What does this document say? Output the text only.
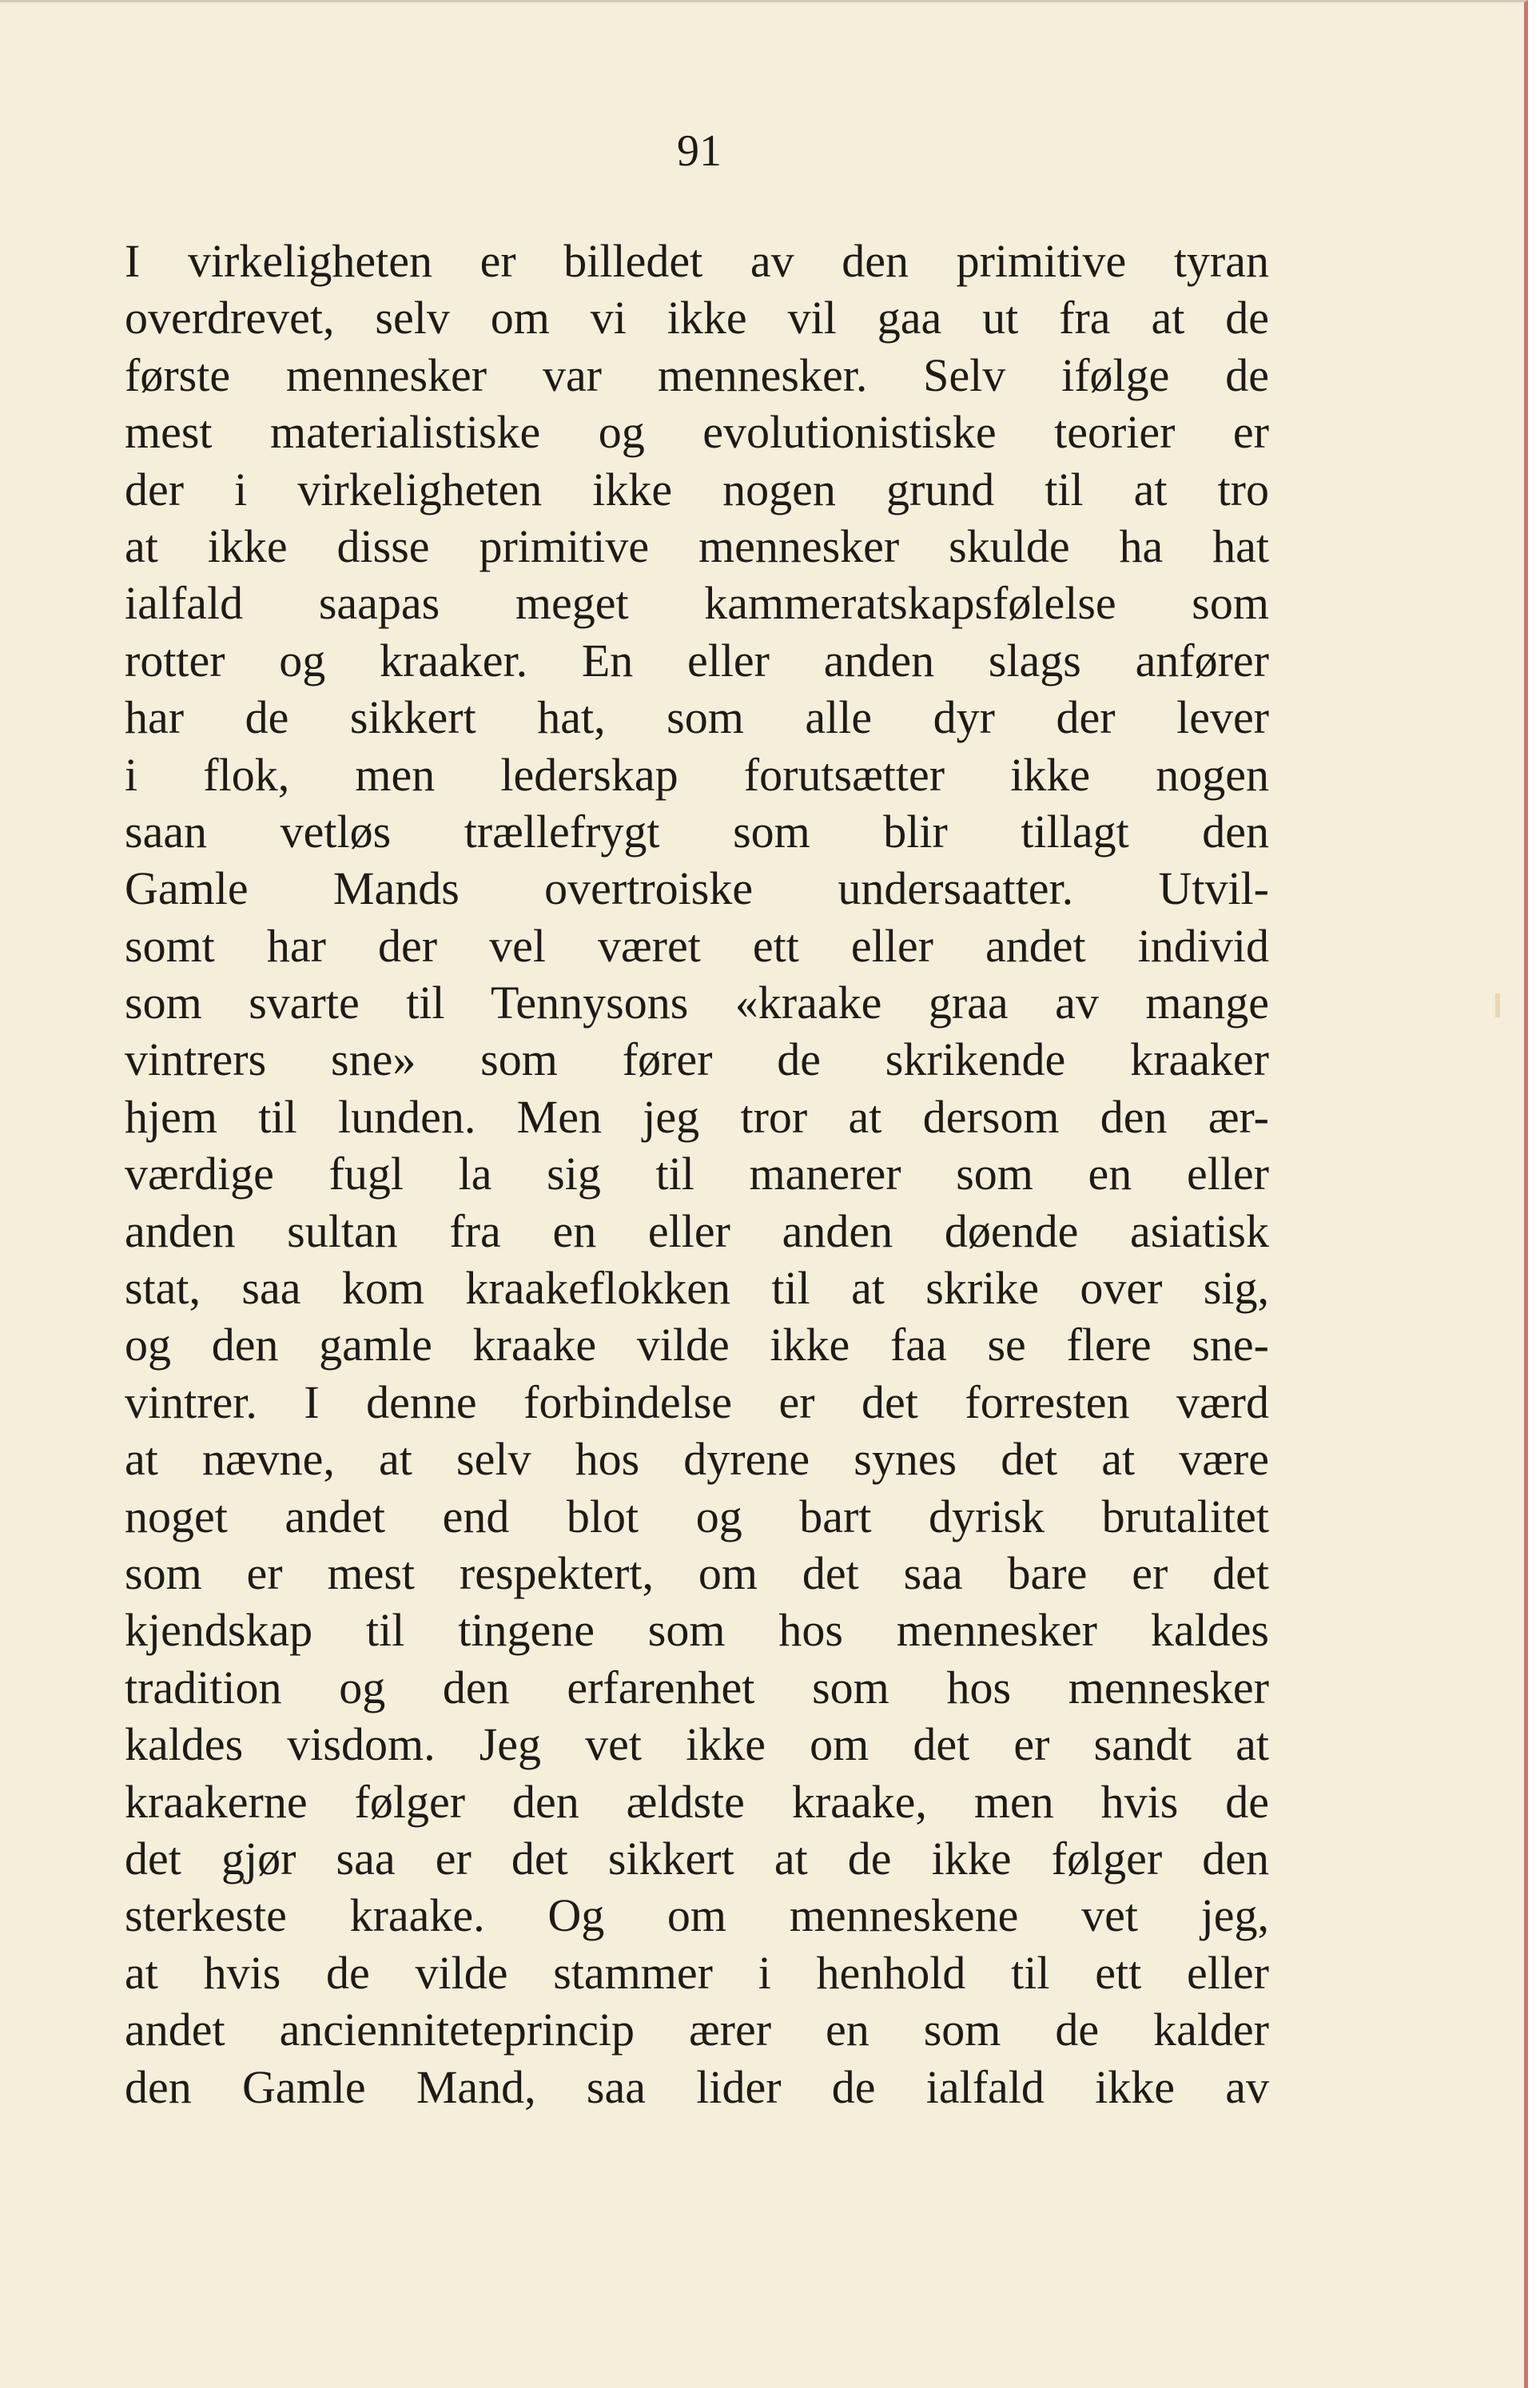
91
I virkeligheten er billedet av den primitive tyran
overdrevet, selv om vi ikke vil gaa ut fra at de
første mennesker var mennesker. Selv ifølge de
mest materialistiske og evolutionistiske teorier er
der i virkeligheten ikke nogen grund til at tro
at ikke disse primitive mennesker skulde ha hat
ialfald saapas meget kammeratskapsfølelse som
rotter og kraaker. En eller anden slags anfører
har de sikkert hat, som alle dyr der lever
i flok, men lederskap forutsætter ikke nogen
saan vetløs trællefrygt som blir tillagt den
Gamle Mands overtroiske undersaatter. Utvil-
somt har der vel været ett eller andet individ
som svarte til Tennysons «kraake graa av mange
vintrers sne» som fører de skrikende kraaker
hjem til lunden. Men jeg tror at dersom den ær-
værdige fugl la sig til manerer som en eller
anden sultan fra en eller anden døende asiatisk
stat, saa kom kraakeflokken til at skrike over sig,
og den gamle kraake vilde ikke faa se flere sne-
vintrer. I denne forbindelse er det forresten værd
at nævne, at selv hos dyrene synes det at være
noget andet end blot og bart dyrisk brutalitet
som er mest respektert, om det saa bare er det
kjendskap til tingene som hos mennesker kaldes
tradition og den erfarenhet som hos mennesker
kaldes visdom. Jeg vet ikke om det er sandt at
kraakerne følger den ældste kraake, men hvis de
det gjør saa er det sikkert at de ikke følger den
sterkeste kraake. Og om menneskene vet jeg,
at hvis de vilde stammer i henhold til ett eller
andet ancienniteteprincip ærer en som de kalder
den Gamle Mand, saa lider de ialfald ikke av
